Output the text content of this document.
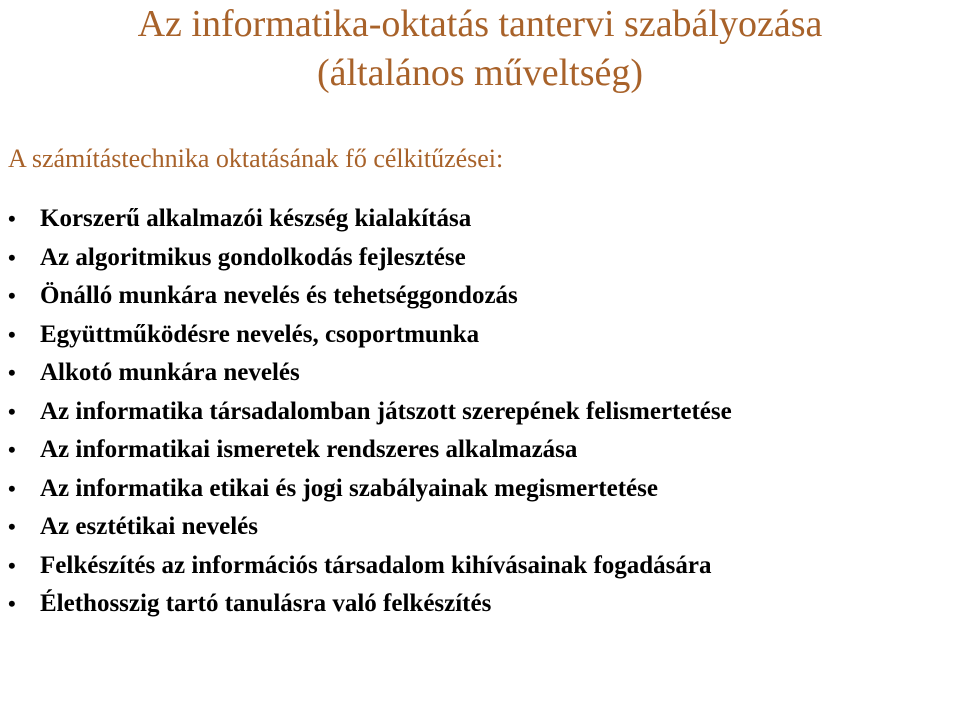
Az informatika-oktatás tantervi szabályozása
(általános műveltség)
A számítástechnika oktatásának fő célkitűzései:
• Korszerű alkalmazói készség kialakítása
• Az algoritmikus gondolkodás fejlesztése
• Önálló munkára nevelés és tehetséggondozás
• Együttműködésre nevelés, csoportmunka
• Alkotó munkára nevelés
• Az informatika társadalomban játszott szerepének felismertetése
• Az informatikai ismeretek rendszeres alkalmazása
• Az informatika etikai és jogi szabályainak megismertetése
• Az esztétikai nevelés
• Felkészítés az információs társadalom kihívásainak fogadására
• Élethosszig tartó tanulásra való felkészítés
